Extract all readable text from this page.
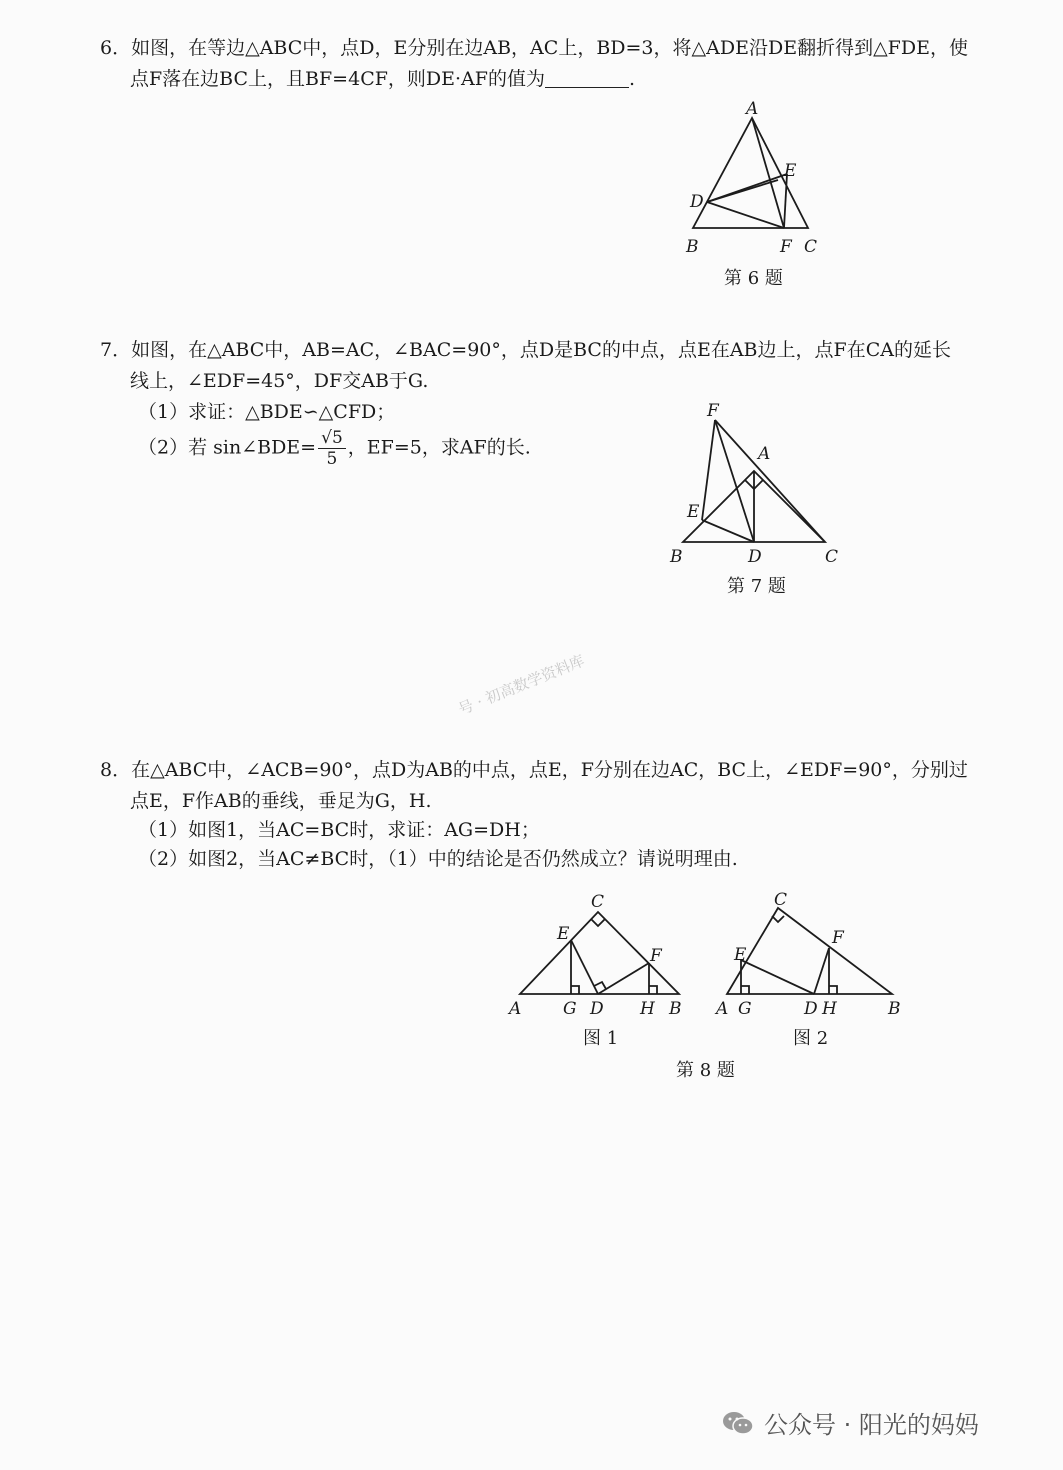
6．如图，在等边△ABC中，点D，E分别在边AB，AC上，BD=3，将△ADE沿DE翻折得到△FDE，使
点F落在边BC上，且BF=4CF，则DE·AF的值为	.
A
E
D
B	F C
第 6 题
7．如图，在△ABC中，AB=AC，∠BAC=90°，点D是BC的中点，点E在AB边上，点F在CA的延长
线上，∠EDF=45°，DF交AB于G.
（1）求证：△BDE∽△CFD；
（2）若 sin∠BDE= $\frac{√5}{5}$ ，EF=5，求AF的长.
F
A
E
B	D	C
第 7 题
号 · 初高数学资料库
8．在△ABC中，∠ACB=90°，点D为AB的中点，点E，F分别在边AC，BC上，∠EDF=90°，分别过
点E，F作AB的垂线，垂足为G，H.
（1）如图1，当AC=BC时，求证：AG=DH；
（2）如图2，当AC≠BC时，（1）中的结论是否仍然成立？请说明理由.
C
E
F
A G D H B
图 1
C
E
F
A G	D H	B
图 2
第 8 题
公众号 · 阳光的妈妈
